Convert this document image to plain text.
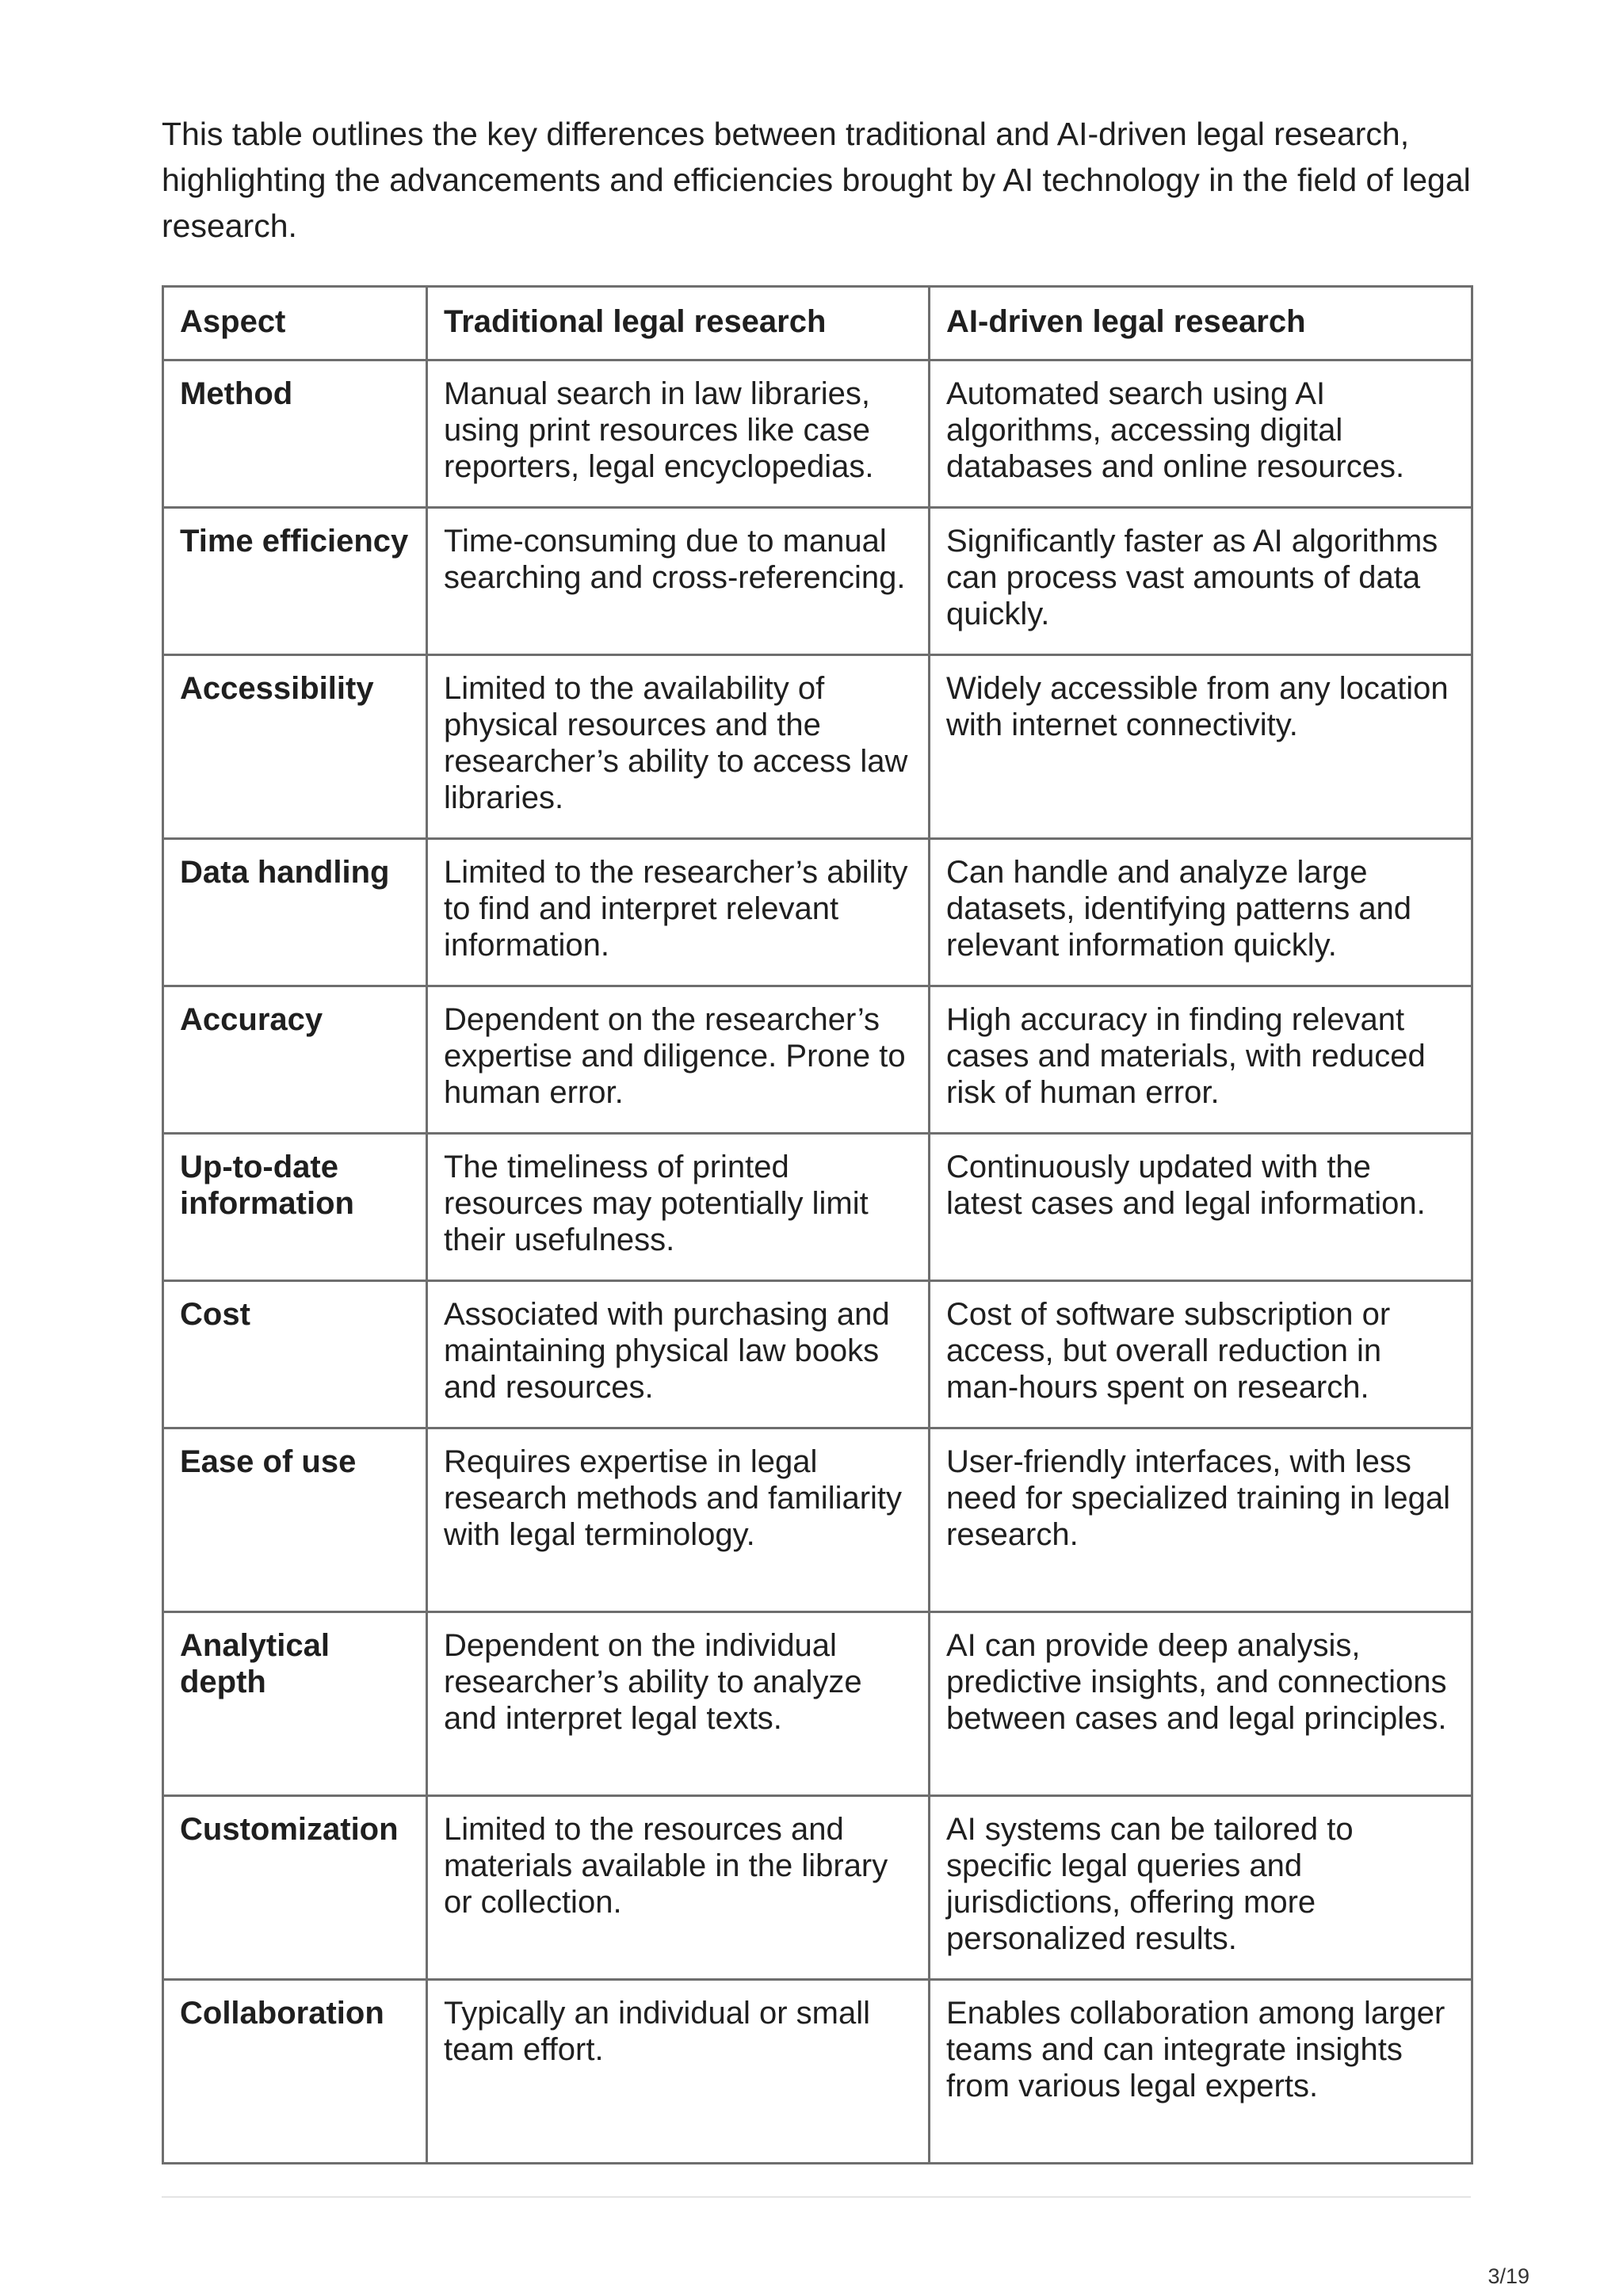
This table outlines the key differences between traditional and AI-driven legal research, highlighting the advancements and efficiencies brought by AI technology in the field of legal research.

Aspect	Traditional legal research	AI-driven legal research
Method	Manual search in law libraries, using print resources like case reporters, legal encyclopedias.	Automated search using AI algorithms, accessing digital databases and online resources.
Time efficiency	Time-consuming due to manual searching and cross-referencing.	Significantly faster as AI algorithms can process vast amounts of data quickly.
Accessibility	Limited to the availability of physical resources and the researcher’s ability to access law libraries.	Widely accessible from any location with internet connectivity.
Data handling	Limited to the researcher’s ability to find and interpret relevant information.	Can handle and analyze large datasets, identifying patterns and relevant information quickly.
Accuracy	Dependent on the researcher’s expertise and diligence. Prone to human error.	High accuracy in finding relevant cases and materials, with reduced risk of human error.
Up-to-date information	The timeliness of printed resources may potentially limit their usefulness.	Continuously updated with the latest cases and legal information.
Cost	Associated with purchasing and maintaining physical law books and resources.	Cost of software subscription or access, but overall reduction in man-hours spent on research.
Ease of use	Requires expertise in legal research methods and familiarity with legal terminology.	User-friendly interfaces, with less need for specialized training in legal research.
Analytical depth	Dependent on the individual researcher’s ability to analyze and interpret legal texts.	AI can provide deep analysis, predictive insights, and connections between cases and legal principles.
Customization	Limited to the resources and materials available in the library or collection.	AI systems can be tailored to specific legal queries and jurisdictions, offering more personalized results.
Collaboration	Typically an individual or small team effort.	Enables collaboration among larger teams and can integrate insights from various legal experts.
3/19
